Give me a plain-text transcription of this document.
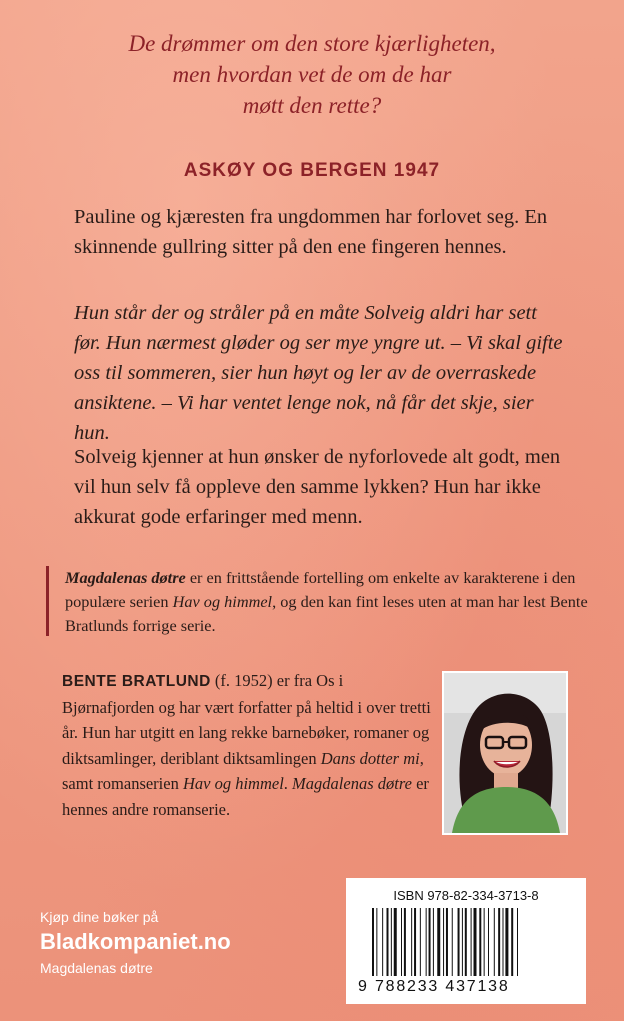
De drømmer om den store kjærligheten,
men hvordan vet de om de har
møtt den rette?
ASKØY OG BERGEN 1947

Pauline og kjæresten fra ungdommen har forlovet seg. En skinnende gullring sitter på den ene fingeren hennes.

Hun står der og stråler på en måte Solveig aldri har sett før. Hun nærmest gløder og ser mye yngre ut. – Vi skal gifte oss til sommeren, sier hun høyt og ler av de overraskede ansiktene. – Vi har ventet lenge nok, nå får det skje, sier hun.

Solveig kjenner at hun ønsker de nyforlovede alt godt, men vil hun selv få oppleve den samme lykken? Hun har ikke akkurat gode erfaringer med menn.

Magdalenas døtre er en frittstående fortelling om enkelte av karakterene i den populære serien Hav og himmel, og den kan fint leses uten at man har lest Bente Bratlunds forrige serie.
BENTE BRATLUND (f. 1952) er fra Os i Bjørnafjorden og har vært forfatter på heltid i over tretti år. Hun har utgitt en lang rekke barnebøker, romaner og diktsamlinger, deriblant diktsamlingen Dans dotter mi, samt romanserien Hav og himmel. Magdalenas døtre er hennes andre romanserie.
Kjøp dine bøker på
Bladkompaniet.no
Magdalenas døtre
ISBN 978-82-334-3713-8
9 788233 437138
